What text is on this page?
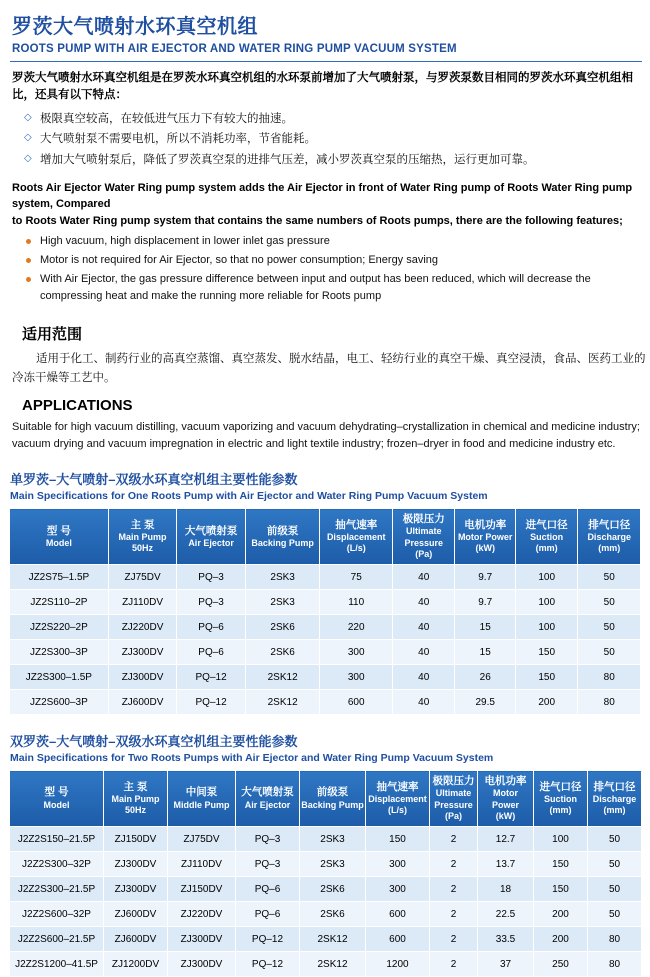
罗茨大气喷射水环真空机组
ROOTS PUMP WITH AIR EJECTOR AND WATER RING PUMP VACUUM SYSTEM
罗茨大气喷射水环真空机组是在罗茨水环真空机组的水环泵前增加了大气喷射泵，与罗茨泵数目相同的罗茨水环真空机组相比，还具有以下特点：
◇ 极限真空较高，在较低进气压力下有较大的抽速。
◇ 大气喷射泵不需要电机，所以不消耗功率，节省能耗。
◇ 增加大气喷射泵后，降低了罗茨真空泵的进排气压差，减小罗茨真空泵的压缩热，运行更加可靠。
Roots Air Ejector Water Ring pump system adds the Air Ejector in front of Water Ring pump of Roots Water Ring pump system, Compared
to Roots Water Ring pump system that contains the same numbers of Roots pumps, there are the following features;
High vacuum, high displacement in lower inlet gas pressure
Motor is not required for Air Ejector, so that no power consumption; Energy saving
With Air Ejector, the gas pressure difference between input and output has been reduced, which will decrease the compressing heat and make the running more reliable for Roots pump
适用范围
适用于化工、制药行业的高真空蒸馏、真空蒸发、脱水结晶，电工、轻纺行业的真空干燥、真空浸渍，食品、医药工业的冷冻干燥等工艺中。
APPLICATIONS
Suitable for high vacuum distilling, vacuum vaporizing and vacuum dehydrating–crystallization in chemical and medicine industry; vacuum drying and vacuum impregnation in electric and light textile industry; frozen–dryer in food and medicine industry etc.
单罗茨–大气喷射–双级水环真空机组主要性能参数
Main Specifications for One Roots Pump with Air Ejector and Water Ring Pump Vacuum System
型 号
Model	主 泵
Main Pump
50Hz	大气喷射泵
Air Ejector	前级泵
Backing Pump	抽气速率
Displacement
(L/s)	极限压力
Ultimate Pressure
(Pa)	电机功率
Motor Power
(kW)	进气口径
Suction
(mm)	排气口径
Discharge
(mm)

JZ2S75–1.5P	ZJ75DV	PQ–3	2SK3	75	40	9.7	100	50
JZ2S110–2P	ZJ110DV	PQ–3	2SK3	110	40	9.7	100	50
JZ2S220–2P	ZJ220DV	PQ–6	2SK6	220	40	15	100	50
JZ2S300–3P	ZJ300DV	PQ–6	2SK6	300	40	15	150	50
JZ2S300–1.5P	ZJ300DV	PQ–12	2SK12	300	40	26	150	80
JZ2S600–3P	ZJ600DV	PQ–12	2SK12	600	40	29.5	200	80
双罗茨–大气喷射–双级水环真空机组主要性能参数
Main Specifications for Two Roots Pumps with Air Ejector and Water Ring Pump Vacuum System
型 号
Model	主 泵
Main Pump
50Hz	中间泵
Middle Pump	大气喷射泵
Air Ejector	前级泵
Backing Pump	抽气速率
Displacement
(L/s)	极限压力
Ultimate Pressure
(Pa)	电机功率
Motor Power
(kW)	进气口径
Suction
(mm)	排气口径
Discharge
(mm)

J2Z2S150–21.5P	ZJ150DV	ZJ75DV	PQ–3	2SK3	150	2	12.7	100	50
J2Z2S300–32P	ZJ300DV	ZJ110DV	PQ–3	2SK3	300	2	13.7	150	50
J2Z2S300–21.5P	ZJ300DV	ZJ150DV	PQ–6	2SK6	300	2	18	150	50
J2Z2S600–32P	ZJ600DV	ZJ220DV	PQ–6	2SK6	600	2	22.5	200	50
J2Z2S600–21.5P	ZJ600DV	ZJ300DV	PQ–12	2SK12	600	2	33.5	200	80
J2Z2S1200–41.5P	ZJ1200DV	ZJ300DV	PQ–12	2SK12	1200	2	37	250	80
